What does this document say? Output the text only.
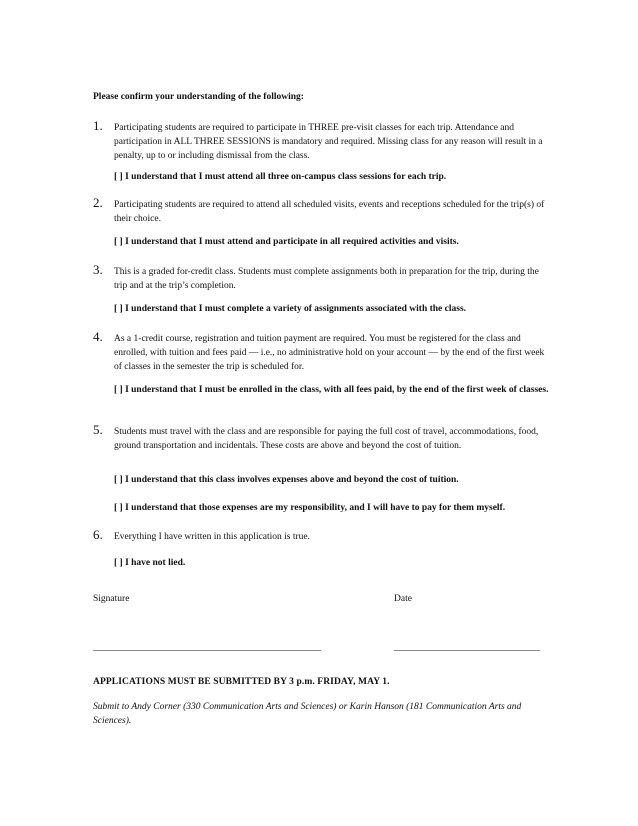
Please confirm your understanding of the following:

1. Participating students are required to participate in THREE pre-visit classes for each trip. Attendance and participation in ALL THREE SESSIONS is mandatory and required. Missing class for any reason will result in a penalty, up to or including dismissal from the class.
[ ] I understand that I must attend all three on-campus class sessions for each trip.
2. Participating students are required to attend all scheduled visits, events and receptions scheduled for the trip(s) of their choice.
[ ] I understand that I must attend and participate in all required activities and visits.
3. This is a graded for-credit class. Students must complete assignments both in preparation for the trip, during the trip and at the trip’s completion.
[ ] I understand that I must complete a variety of assignments associated with the class.
4. As a 1-credit course, registration and tuition payment are required. You must be registered for the class and enrolled, with tuition and fees paid — i.e., no administrative hold on your account — by the end of the first week of classes in the semester the trip is scheduled for.
[ ] I understand that I must be enrolled in the class, with all fees paid, by the end of the first week of classes.
5. Students must travel with the class and are responsible for paying the full cost of travel, accommodations, food, ground transportation and incidentals. These costs are above and beyond the cost of tuition.
[ ] I understand that this class involves expenses above and beyond the cost of tuition.
[ ] I understand that those expenses are my responsibility, and I will have to pay for them myself.
6. Everything I have written in this application is true.
[ ] I have not lied.
Signature	Date
APPLICATIONS MUST BE SUBMITTED BY 3 p.m. FRIDAY, MAY 1.
Submit to Andy Corner (330 Communication Arts and Sciences) or Karin Hanson (181 Communication Arts and Sciences).
